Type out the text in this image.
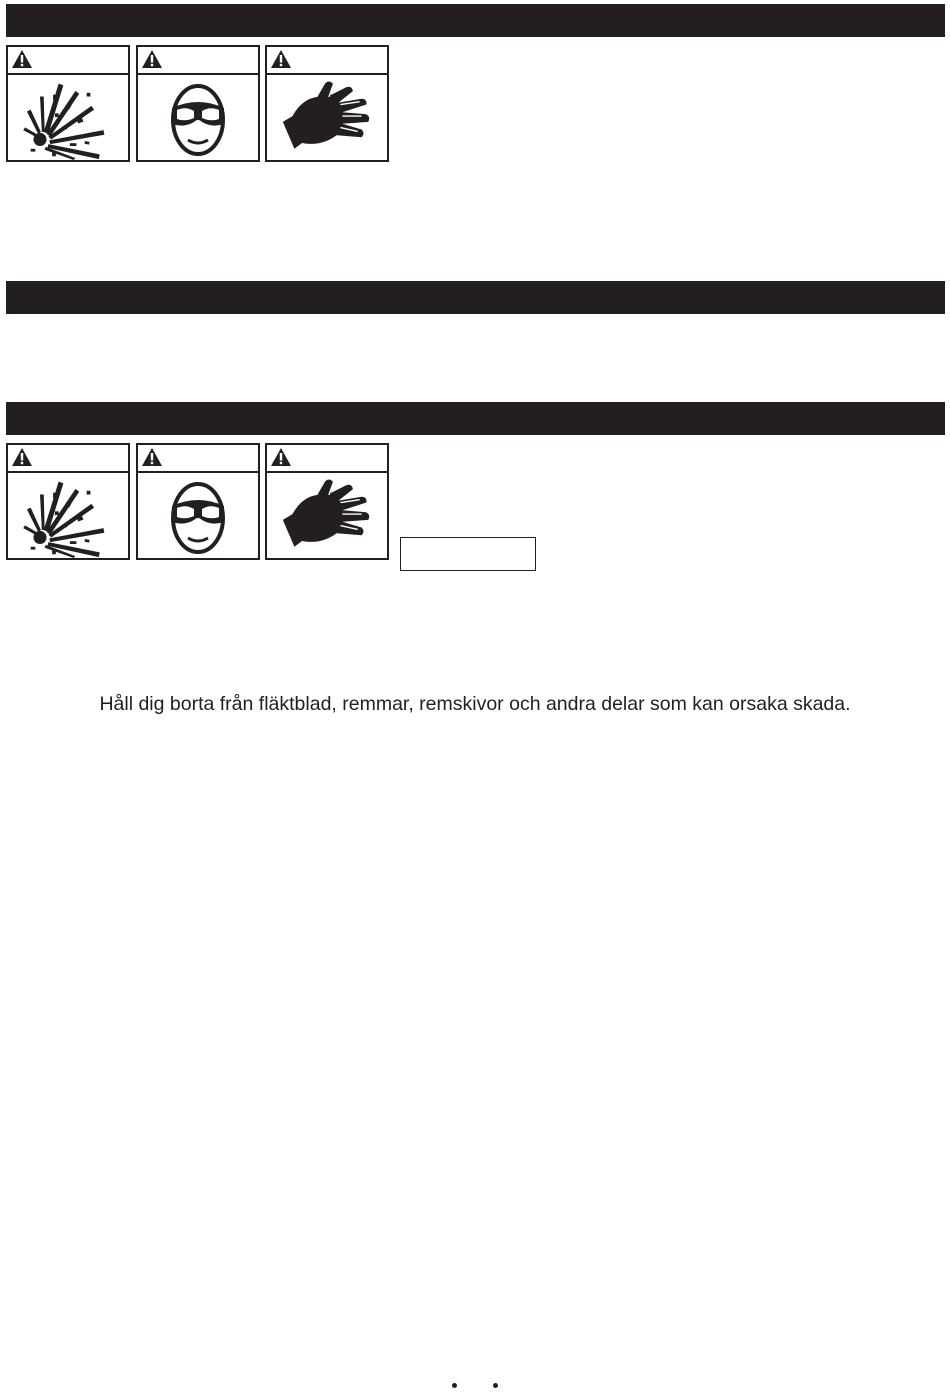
Håll dig borta från fläktblad, remmar, remskivor och andra delar som kan orsaka skada.
